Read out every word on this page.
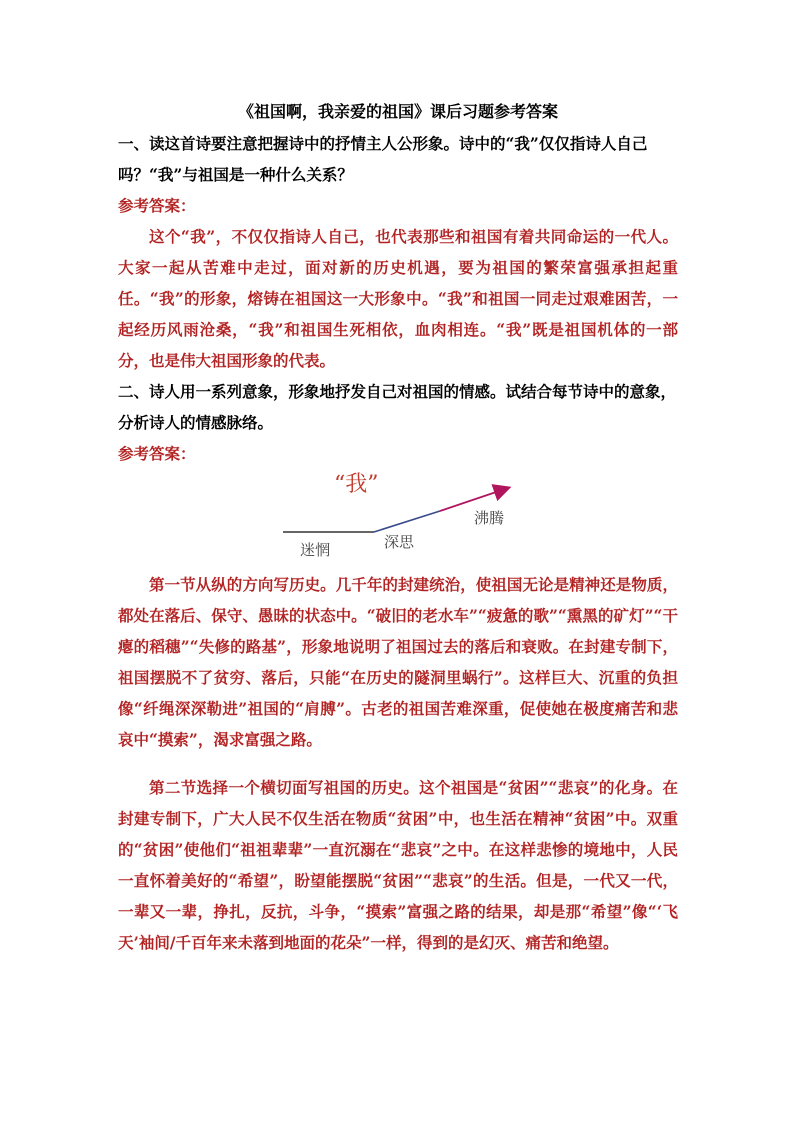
《祖国啊，我亲爱的祖国》课后习题参考答案

一、读这首诗要注意把握诗中的抒情主人公形象。诗中的“我”仅仅指诗人自己吗？“我”与祖国是一种什么关系？

参考答案：

这个“我”，不仅仅指诗人自己，也代表那些和祖国有着共同命运的一代人。大家一起从苦难中走过，面对新的历史机遇，要为祖国的繁荣富强承担起重任。“我”的形象，熔铸在祖国这一大形象中。“我”和祖国一同走过艰难困苦，一起经历风雨沧桑，“我”和祖国生死相依，血肉相连。“我”既是祖国机体的一部分，也是伟大祖国形象的代表。

二、诗人用一系列意象，形象地抒发自己对祖国的情感。试结合每节诗中的意象，分析诗人的情感脉络。

参考答案：

“我”
迷惘	深思
沸腾

第一节从纵的方向写历史。几千年的封建统治，使祖国无论是精神还是物质，都处在落后、保守、愚昧的状态中。“破旧的老水车”“疲惫的歌”“熏黑的矿灯”“干瘪的稻穗”“失修的路基”，形象地说明了祖国过去的落后和衰败。在封建专制下，祖国摆脱不了贫穷、落后，只能“在历史的隧洞里蜗行”。这样巨大、沉重的负担像“纤绳深深勒进”祖国的“肩膊”。古老的祖国苦难深重，促使她在极度痛苦和悲哀中“摸索”，渴求富强之路。

第二节选择一个横切面写祖国的历史。这个祖国是“贫困”“悲哀”的化身。在封建专制下，广大人民不仅生活在物质“贫困”中，也生活在精神“贫困”中。双重的“贫困”使他们“祖祖辈辈”一直沉溺在“悲哀”之中。在这样悲惨的境地中，人民一直怀着美好的“希望”，盼望能摆脱“贫困”“悲哀”的生活。但是，一代又一代，一辈又一辈，挣扎，反抗，斗争，“摸索”富强之路的结果，却是那“希望”像“‘飞天’袖间/千百年来未落到地面的花朵”一样，得到的是幻灭、痛苦和绝望。
